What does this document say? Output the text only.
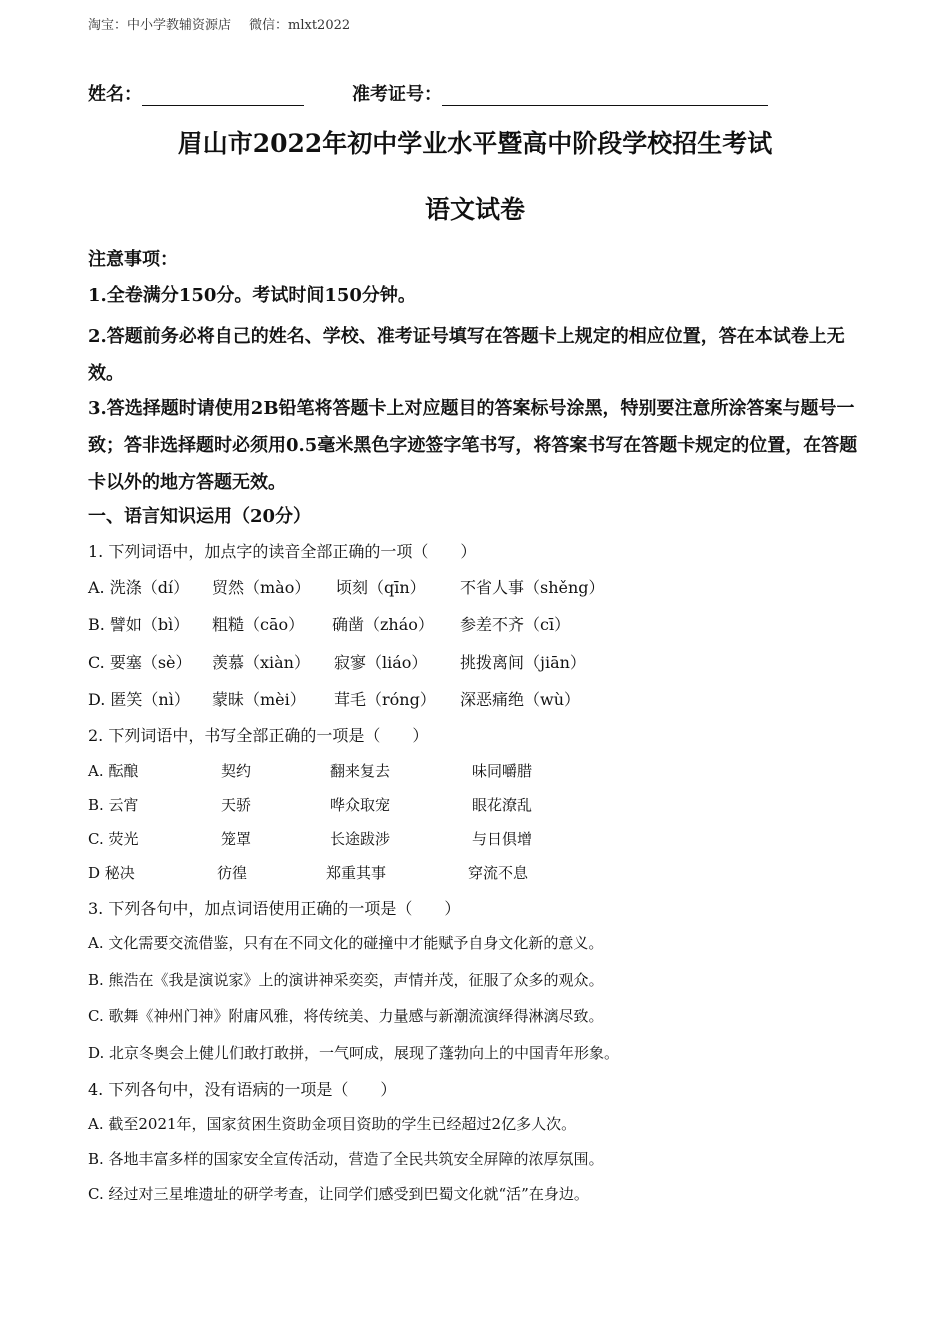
淘宝：中小学教辅资源店 微信：mlxt2022
姓名：	准考证号：
眉山市2022年初中学业水平暨高中阶段学校招生考试
语文试卷
注意事项：
1.全卷满分150分。考试时间150分钟。
2.答题前务必将自己的姓名、学校、准考证号填写在答题卡上规定的相应位置，答在本试卷上无效。
3.答选择题时请使用2B铅笔将答题卡上对应题目的答案标号涂黑，特别要注意所涂答案与题号一致；答非选择题时必须用0.5毫米黑色字迹签字笔书写，将答案书写在答题卡规定的位置，在答题卡以外的地方答题无效。
一、语言知识运用（20分）
1. 下列词语中，加点字的读音全部正确的一项（　　）
A. 洗涤（dí） 贸然（mào） 顷刻（qīn） 不省人事（shěng）
B. 譬如（bì） 粗糙（cāo） 确凿（zháo） 参差不齐（cī）
C. 要塞（sè） 羡慕（xiàn） 寂寥（liáo） 挑拨离间（jiān）
D. 匿笑（nì） 蒙昧（mèi） 茸毛（róng） 深恶痛绝（wù）
2. 下列词语中，书写全部正确的一项是（　　）
A. 酝酿	契约	翻来复去	味同嚼腊
B. 云宵	天骄	哗众取宠	眼花潦乱
C. 荧光	笼罩	长途跋涉	与日俱增
D 秘决	彷徨	郑重其事	穿流不息
3. 下列各句中，加点词语使用正确的一项是（　　）
A. 文化需要交流借鉴，只有在不同文化的碰撞中才能赋予自身文化新的意义。
B. 熊浩在《我是演说家》上的演讲神采奕奕，声情并茂，征服了众多的观众。
C. 歌舞《神州门神》附庸风雅，将传统美、力量感与新潮流演绎得淋漓尽致。
D. 北京冬奥会上健儿们敢打敢拼，一气呵成，展现了蓬勃向上的中国青年形象。
4. 下列各句中，没有语病的一项是（　　）
A. 截至2021年，国家贫困生资助金项目资助的学生已经超过2亿多人次。
B. 各地丰富多样的国家安全宣传活动，营造了全民共筑安全屏障的浓厚氛围。
C. 经过对三星堆遗址的研学考查，让同学们感受到巴蜀文化就“活”在身边。
